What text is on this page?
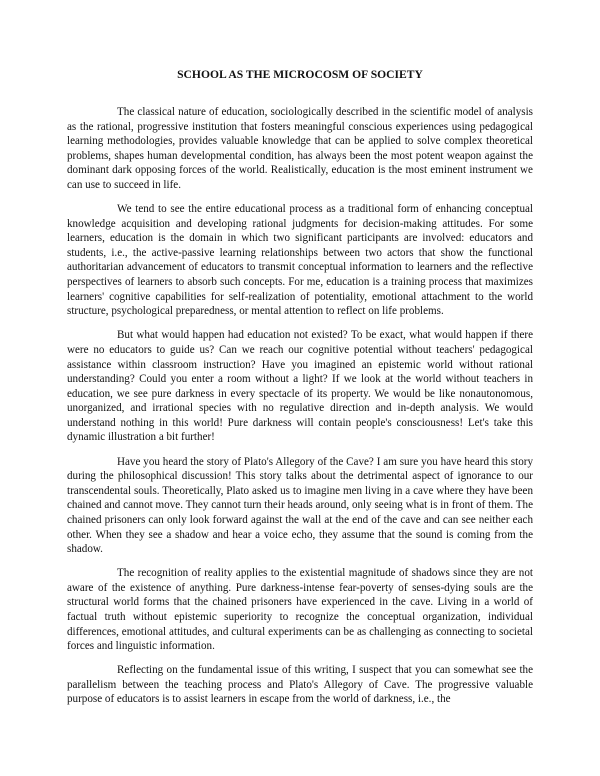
SCHOOL AS THE MICROCOSM OF SOCIETY

The classical nature of education, sociologically described in the scientific model of analysis as the rational, progressive institution that fosters meaningful conscious experiences using pedagogical learning methodologies, provides valuable knowledge that can be applied to solve complex theoretical problems, shapes human developmental condition, has always been the most potent weapon against the dominant dark opposing forces of the world. Realistically, education is the most eminent instrument we can use to succeed in life.

We tend to see the entire educational process as a traditional form of enhancing conceptual knowledge acquisition and developing rational judgments for decision-making attitudes. For some learners, education is the domain in which two significant participants are involved: educators and students, i.e., the active-passive learning relationships between two actors that show the functional authoritarian advancement of educators to transmit conceptual information to learners and the reflective perspectives of learners to absorb such concepts. For me, education is a training process that maximizes learners' cognitive capabilities for self-realization of potentiality, emotional attachment to the world structure, psychological preparedness, or mental attention to reflect on life problems.

But what would happen had education not existed? To be exact, what would happen if there were no educators to guide us? Can we reach our cognitive potential without teachers' pedagogical assistance within classroom instruction? Have you imagined an epistemic world without rational understanding? Could you enter a room without a light? If we look at the world without teachers in education, we see pure darkness in every spectacle of its property. We would be like nonautonomous, unorganized, and irrational species with no regulative direction and in-depth analysis. We would understand nothing in this world! Pure darkness will contain people's consciousness! Let's take this dynamic illustration a bit further!

Have you heard the story of Plato's Allegory of the Cave? I am sure you have heard this story during the philosophical discussion! This story talks about the detrimental aspect of ignorance to our transcendental souls. Theoretically, Plato asked us to imagine men living in a cave where they have been chained and cannot move. They cannot turn their heads around, only seeing what is in front of them. The chained prisoners can only look forward against the wall at the end of the cave and can see neither each other. When they see a shadow and hear a voice echo, they assume that the sound is coming from the shadow.

The recognition of reality applies to the existential magnitude of shadows since they are not aware of the existence of anything. Pure darkness-intense fear-poverty of senses-dying souls are the structural world forms that the chained prisoners have experienced in the cave. Living in a world of factual truth without epistemic superiority to recognize the conceptual organization, individual differences, emotional attitudes, and cultural experiments can be as challenging as connecting to societal forces and linguistic information.

Reflecting on the fundamental issue of this writing, I suspect that you can somewhat see the parallelism between the teaching process and Plato's Allegory of Cave. The progressive valuable purpose of educators is to assist learners in escape from the world of darkness, i.e., the
